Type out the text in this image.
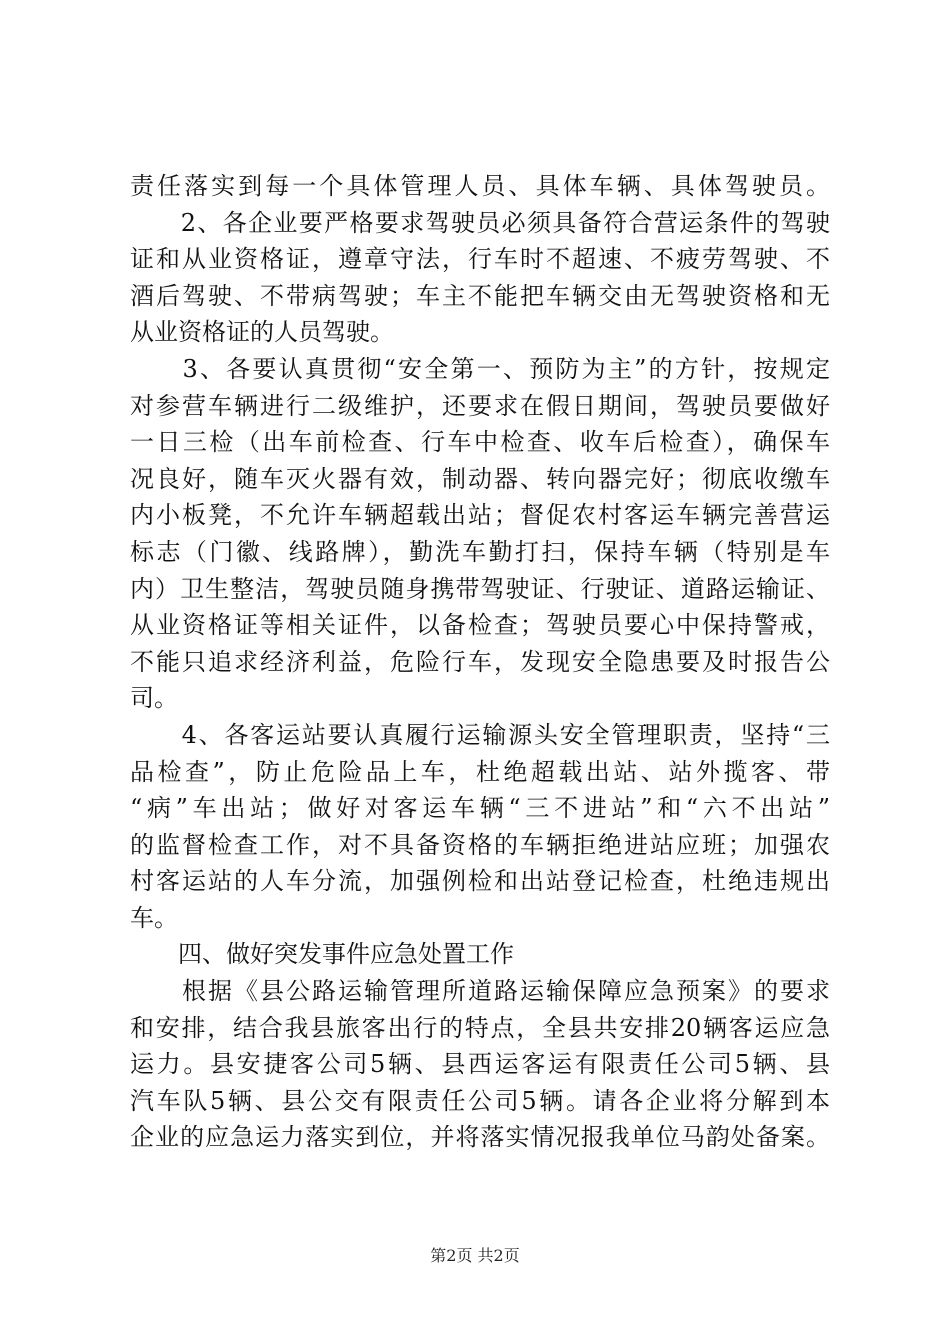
责任落实到每一个具体管理人员、具体车辆、具体驾驶员。
　　2、各企业要严格要求驾驶员必须具备符合营运条件的驾驶
证和从业资格证，遵章守法，行车时不超速、不疲劳驾驶、不
酒后驾驶、不带病驾驶；车主不能把车辆交由无驾驶资格和无
从业资格证的人员驾驶。
　　3、各要认真贯彻“安全第一、预防为主”的方针，按规定
对参营车辆进行二级维护，还要求在假日期间，驾驶员要做好
一日三检（出车前检查、行车中检查、收车后检查），确保车
况良好，随车灭火器有效，制动器、转向器完好；彻底收缴车
内小板凳，不允许车辆超载出站；督促农村客运车辆完善营运
标志（门徽、线路牌），勤洗车勤打扫，保持车辆（特别是车
内）卫生整洁，驾驶员随身携带驾驶证、行驶证、道路运输证、
从业资格证等相关证件，以备检查；驾驶员要心中保持警戒，
不能只追求经济利益，危险行车，发现安全隐患要及时报告公
司。
　　4、各客运站要认真履行运输源头安全管理职责，坚持“三
品检查”，防止危险品上车，杜绝超载出站、站外揽客、带
“病”车出站；做好对客运车辆“三不进站”和“六不出站”
的监督检查工作，对不具备资格的车辆拒绝进站应班；加强农
村客运站的人车分流，加强例检和出站登记检查，杜绝违规出
车。
　　四、做好突发事件应急处置工作
　　根据《县公路运输管理所道路运输保障应急预案》的要求
和安排，结合我县旅客出行的特点，全县共安排20辆客运应急
运力。县安捷客公司5辆、县西运客运有限责任公司5辆、县
汽车队5辆、县公交有限责任公司5辆。请各企业将分解到本
企业的应急运力落实到位，并将落实情况报我单位马韵处备案。
第2页 共2页
